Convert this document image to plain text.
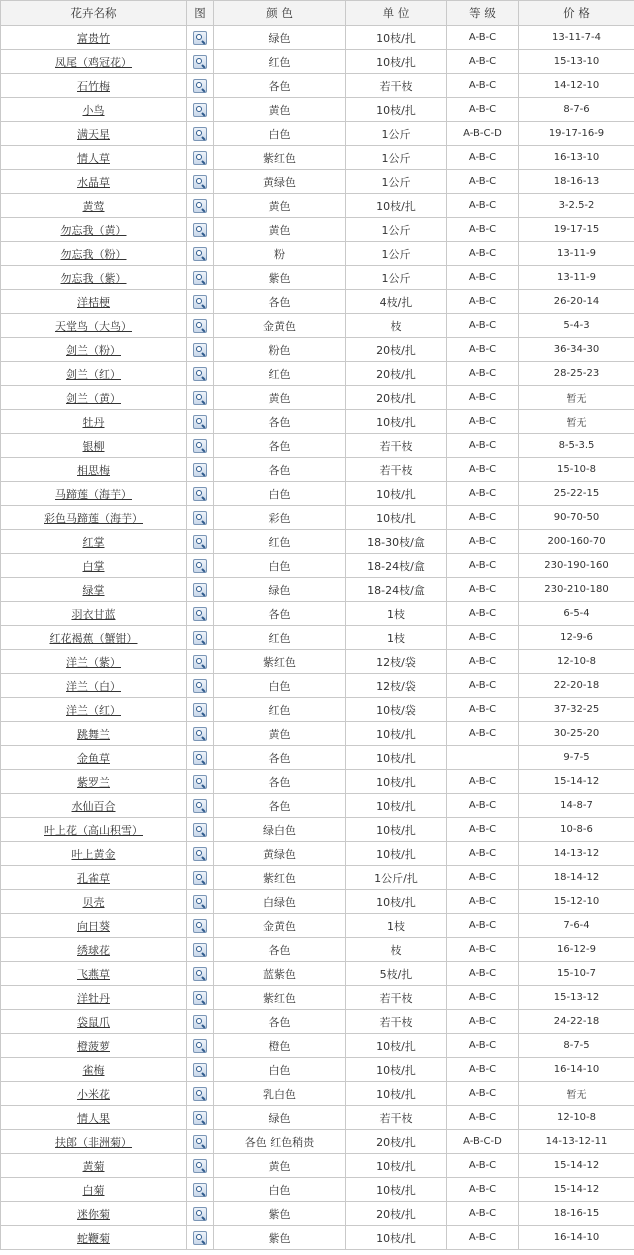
花卉名称	图	颜 色	单 位	等 级	价 格
富贵竹		绿色	10枝/扎	A-B-C	13-11-7-4
凤尾（鸡冠花）		红色	10枝/扎	A-B-C	15-13-10
石竹梅		各色	若干枝	A-B-C	14-12-10
小鸟		黄色	10枝/扎	A-B-C	8-7-6
满天星		白色	1公斤	A-B-C-D	19-17-16-9
情人草		紫红色	1公斤	A-B-C	16-13-10
水晶草		黄绿色	1公斤	A-B-C	18-16-13
黄莺		黄色	10枝/扎	A-B-C	3-2.5-2
勿忘我（黄）		黄色	1公斤	A-B-C	19-17-15
勿忘我（粉）		粉	1公斤	A-B-C	13-11-9
勿忘我（紫）		紫色	1公斤	A-B-C	13-11-9
洋桔梗		各色	4枝/扎	A-B-C	26-20-14
天堂鸟（大鸟）		金黄色	枝	A-B-C	5-4-3
剑兰（粉）		粉色	20枝/扎	A-B-C	36-34-30
剑兰（红）		红色	20枝/扎	A-B-C	28-25-23
剑兰（黄）		黄色	20枝/扎	A-B-C	暂无
牡丹		各色	10枝/扎	A-B-C	暂无
银柳		各色	若干枝	A-B-C	8-5-3.5
相思梅		各色	若干枝	A-B-C	15-10-8
马蹄莲（海芋）		白色	10枝/扎	A-B-C	25-22-15
彩色马蹄莲（海芋）		彩色	10枝/扎	A-B-C	90-70-50
红掌		红色	18-30枝/盒	A-B-C	200-160-70
白掌		白色	18-24枝/盒	A-B-C	230-190-160
绿掌		绿色	18-24枝/盒	A-B-C	230-210-180
羽衣甘蓝		各色	1枝	A-B-C	6-5-4
红花褐蕉（蟹钳）		红色	1枝	A-B-C	12-9-6
洋兰（紫）		紫红色	12枝/袋	A-B-C	12-10-8
洋兰（白）		白色	12枝/袋	A-B-C	22-20-18
洋兰（红）		红色	10枝/袋	A-B-C	37-32-25
跳舞兰		黄色	10枝/扎	A-B-C	30-25-20
金鱼草		各色	10枝/扎		9-7-5
紫罗兰		各色	10枝/扎	A-B-C	15-14-12
水仙百合		各色	10枝/扎	A-B-C	14-8-7
叶上花（高山积雪）		绿白色	10枝/扎	A-B-C	10-8-6
叶上黄金		黄绿色	10枝/扎	A-B-C	14-13-12
孔雀草		紫红色	1公斤/扎	A-B-C	18-14-12
贝壳		白绿色	10枝/扎	A-B-C	15-12-10
向日葵		金黄色	1枝	A-B-C	7-6-4
绣球花		各色	枝	A-B-C	16-12-9
飞燕草		蓝紫色	5枝/扎	A-B-C	15-10-7
洋牡丹		紫红色	若干枝	A-B-C	15-13-12
袋鼠爪		各色	若干枝	A-B-C	24-22-18
橙菠萝		橙色	10枝/扎	A-B-C	8-7-5
雀梅		白色	10枝/扎	A-B-C	16-14-10
小米花		乳白色	10枝/扎	A-B-C	暂无
情人果		绿色	若干枝	A-B-C	12-10-8
扶郎（非洲菊）		各色 红色稍贵	20枝/扎	A-B-C-D	14-13-12-11
黄菊		黄色	10枝/扎	A-B-C	15-14-12
白菊		白色	10枝/扎	A-B-C	15-14-12
迷你菊		紫色	20枝/扎	A-B-C	18-16-15
蛇鞭菊		紫色	10枝/扎	A-B-C	16-14-10
